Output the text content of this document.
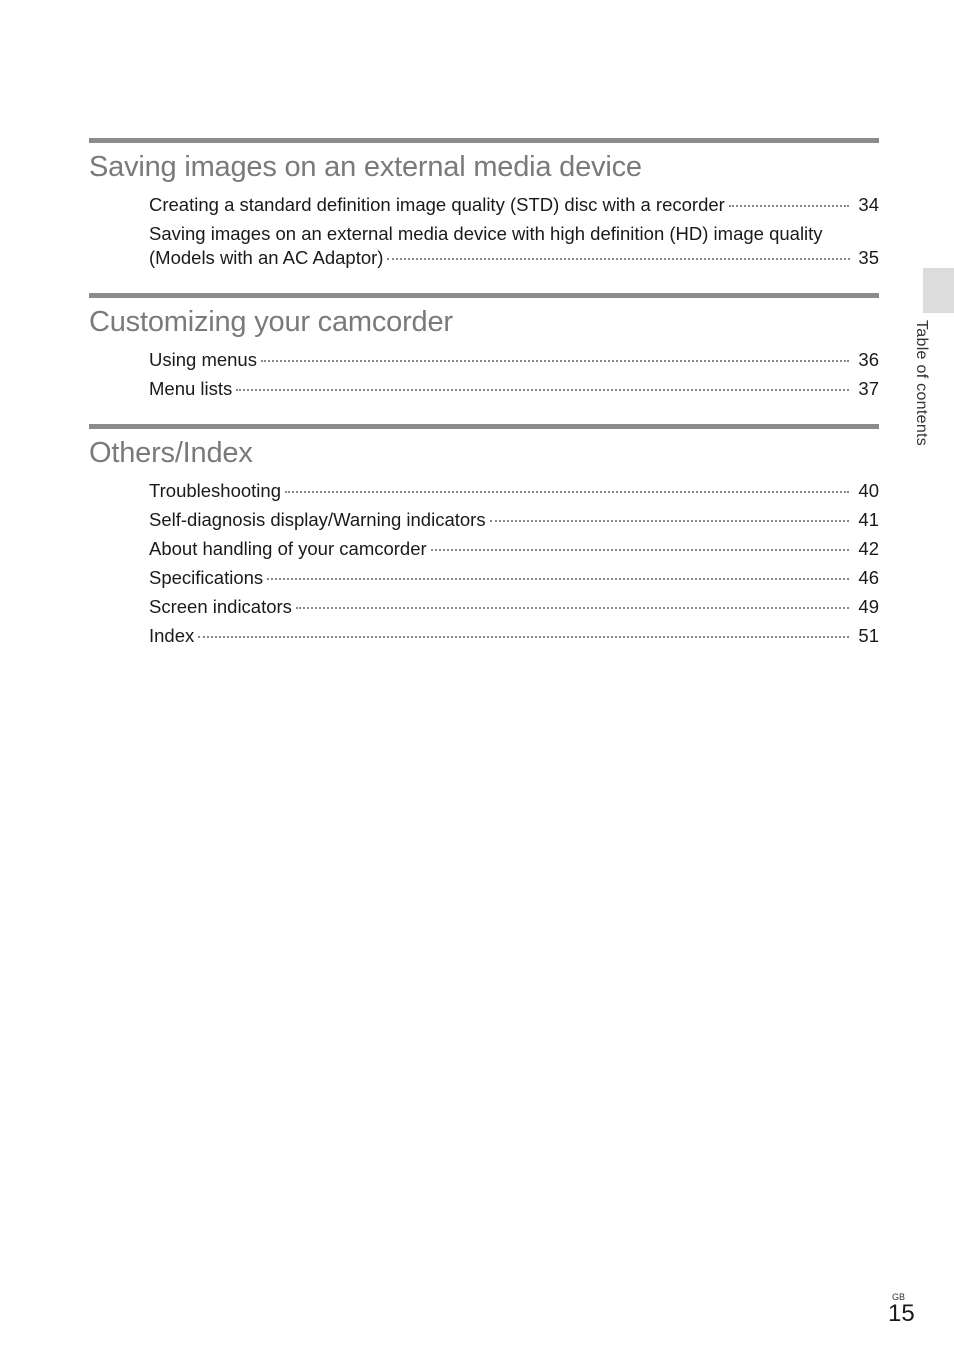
Saving images on an external media device
Creating a standard definition image quality (STD) disc with a recorder	34
Saving images on an external media device with high definition (HD) image quality
(Models with an AC Adaptor)	35
Customizing your camcorder
Using menus	36
Menu lists	37
Others/Index
Troubleshooting	40
Self-diagnosis display/Warning indicators	41
About handling of your camcorder	42
Specifications	46
Screen indicators	49
Index	51
Table of contents
GB
15
